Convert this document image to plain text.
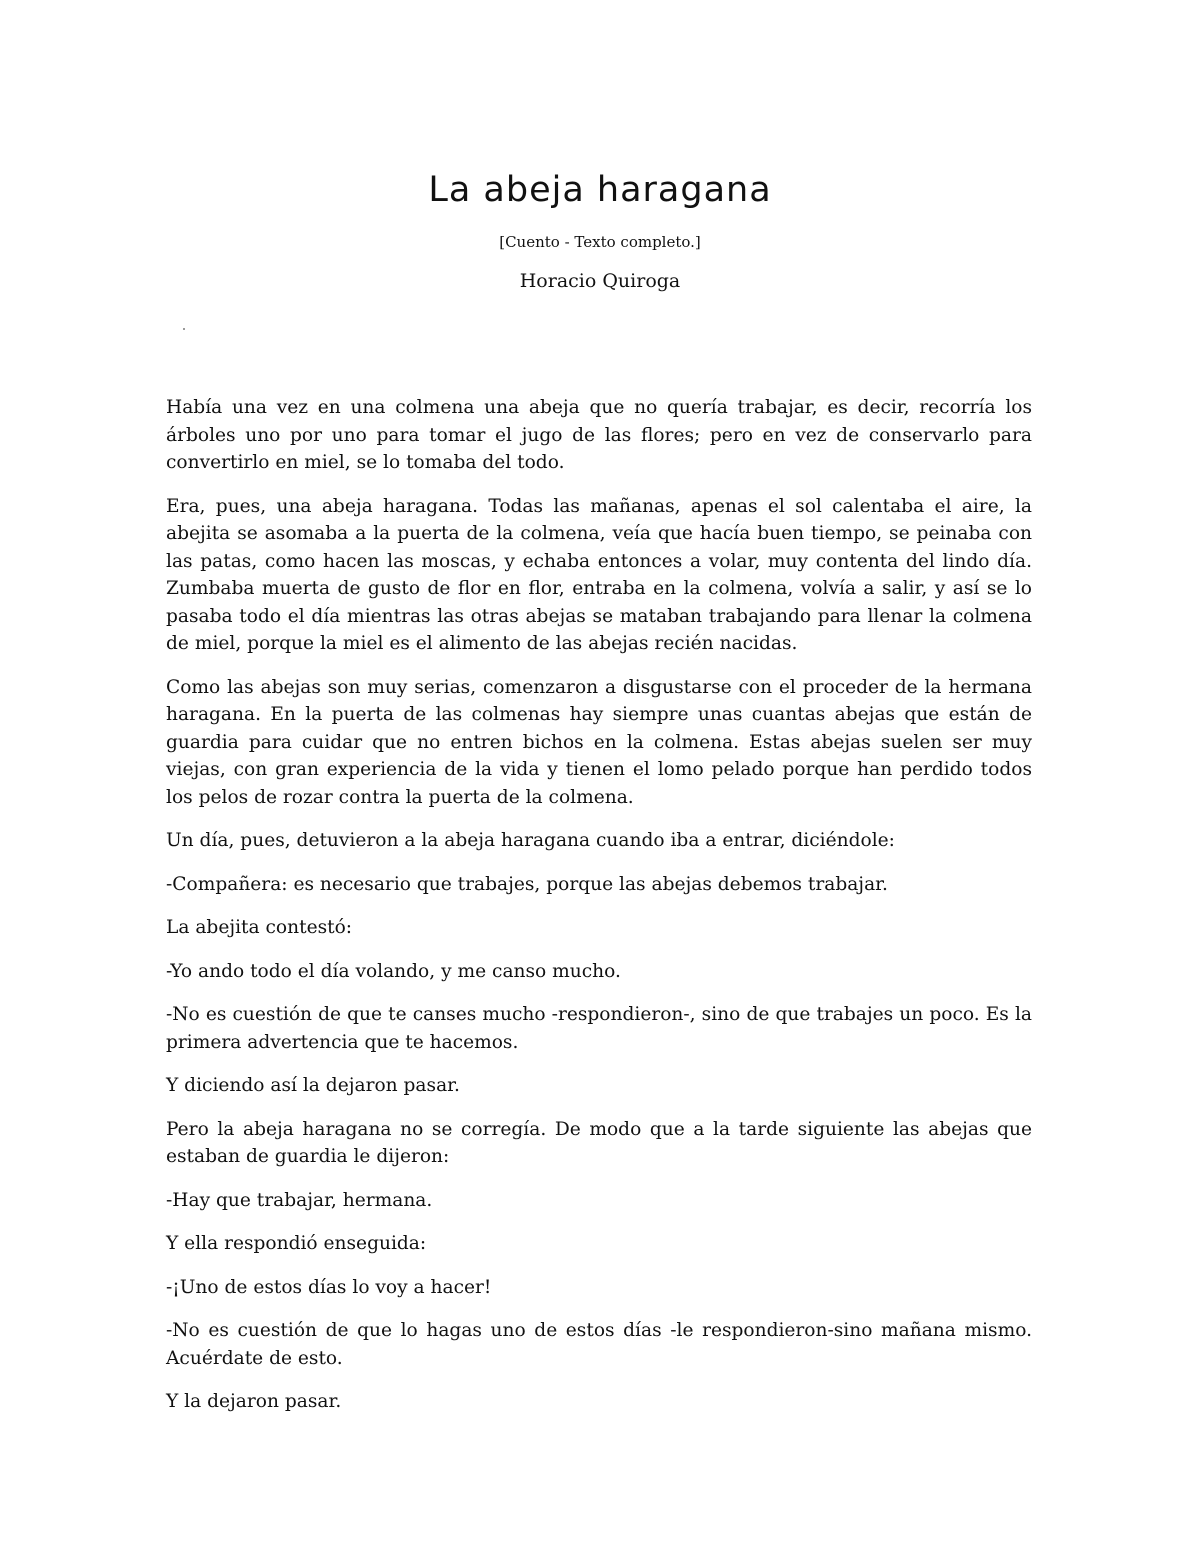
La abeja haragana
[Cuento - Texto completo.]
Horacio Quiroga

Había una vez en una colmena una abeja que no quería trabajar, es decir, recorría los árboles uno por uno para tomar el jugo de las flores; pero en vez de conservarlo para convertirlo en miel, se lo tomaba del todo.

Era, pues, una abeja haragana. Todas las mañanas, apenas el sol calentaba el aire, la abejita se asomaba a la puerta de la colmena, veía que hacía buen tiempo, se peinaba con las patas, como hacen las moscas, y echaba entonces a volar, muy contenta del lindo día. Zumbaba muerta de gusto de flor en flor, entraba en la colmena, volvía a salir, y así se lo pasaba todo el día mientras las otras abejas se mataban trabajando para llenar la colmena de miel, porque la miel es el alimento de las abejas recién nacidas.

Como las abejas son muy serias, comenzaron a disgustarse con el proceder de la hermana haragana. En la puerta de las colmenas hay siempre unas cuantas abejas que están de guardia para cuidar que no entren bichos en la colmena. Estas abejas suelen ser muy viejas, con gran experiencia de la vida y tienen el lomo pelado porque han perdido todos los pelos de rozar contra la puerta de la colmena.

Un día, pues, detuvieron a la abeja haragana cuando iba a entrar, diciéndole:

-Compañera: es necesario que trabajes, porque las abejas debemos trabajar.

La abejita contestó:

-Yo ando todo el día volando, y me canso mucho.

-No es cuestión de que te canses mucho -respondieron-, sino de que trabajes un poco. Es la primera advertencia que te hacemos.

Y diciendo así la dejaron pasar.

Pero la abeja haragana no se corregía. De modo que a la tarde siguiente las abejas que estaban de guardia le dijeron:

-Hay que trabajar, hermana.

Y ella respondió enseguida:

-¡Uno de estos días lo voy a hacer!

-No es cuestión de que lo hagas uno de estos días -le respondieron-sino mañana mismo. Acuérdate de esto.

Y la dejaron pasar.
